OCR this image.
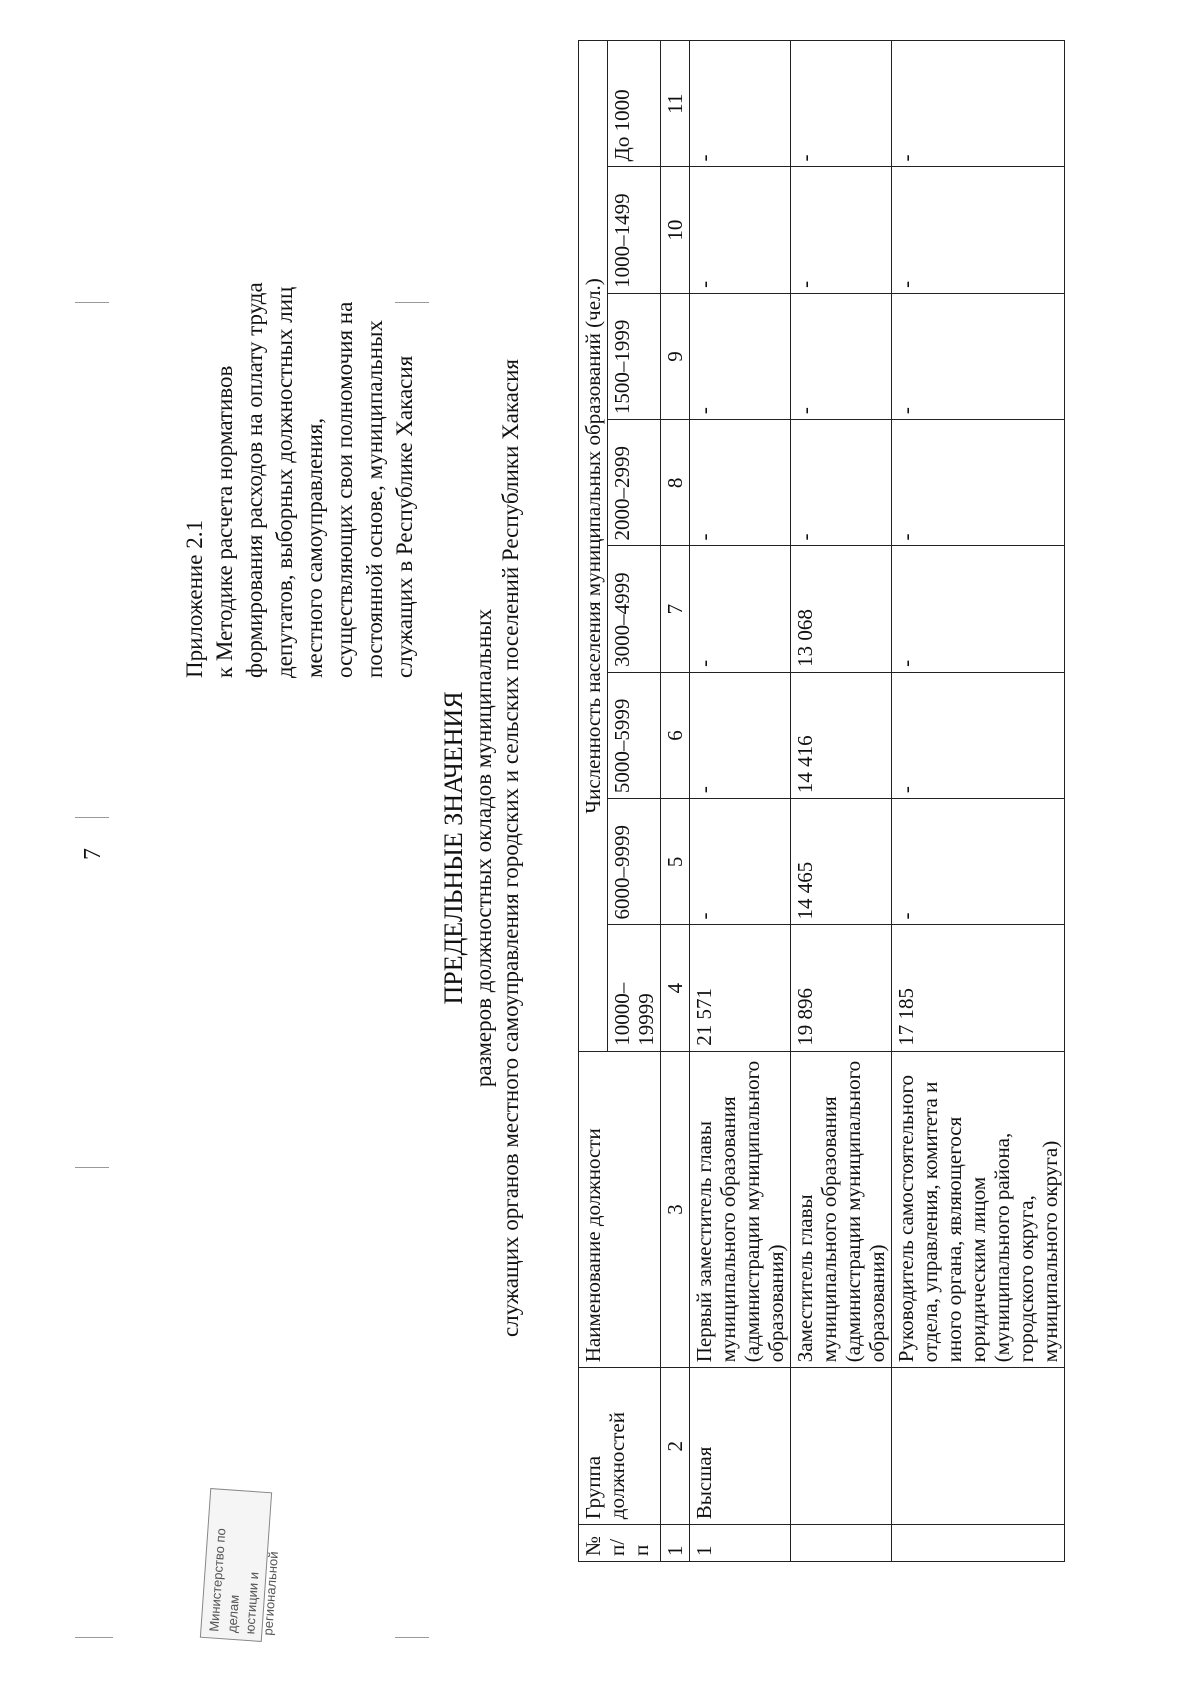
7
Приложение 2.1 к Методике расчета нормативов формирования расходов на оплату труда депутатов, выборных должностных лиц местного самоуправления, осуществляющих свои полномочия на постоянной основе, муниципальных служащих в Республике Хакасия
ПРЕДЕЛЬНЫЕ ЗНАЧЕНИЯ размеров должностных окладов муниципальных служащих органов местного самоуправления городских и сельских поселений Республики Хакасия
№ п/п	Группа должностей	Наименование должности	Численность населения муниципальных образований (чел.)							
			10000–19999	6000–9999	5000–5999	3000–4999	2000–2999	1500–1999	1000–1499	До 1000
1	2	3	4	5	6	7	8	9	10	11
1	Высшая	Первый заместитель главы муниципального образования (администрации муниципального образования)	21 571	-	-	-	-	-	-	-
		Заместитель главы муниципального образования (администрации муниципального образования)	19 896	14 465	14 416	13 068	-	-	-	-
		Руководитель самостоятельного отдела, управления, комитета и иного органа, являющегося юридическим лицом (муниципального района, городского округа, муниципального округа)	17 185	-	-	-	-	-	-	-
Министерство по делам юстиции и региональной
